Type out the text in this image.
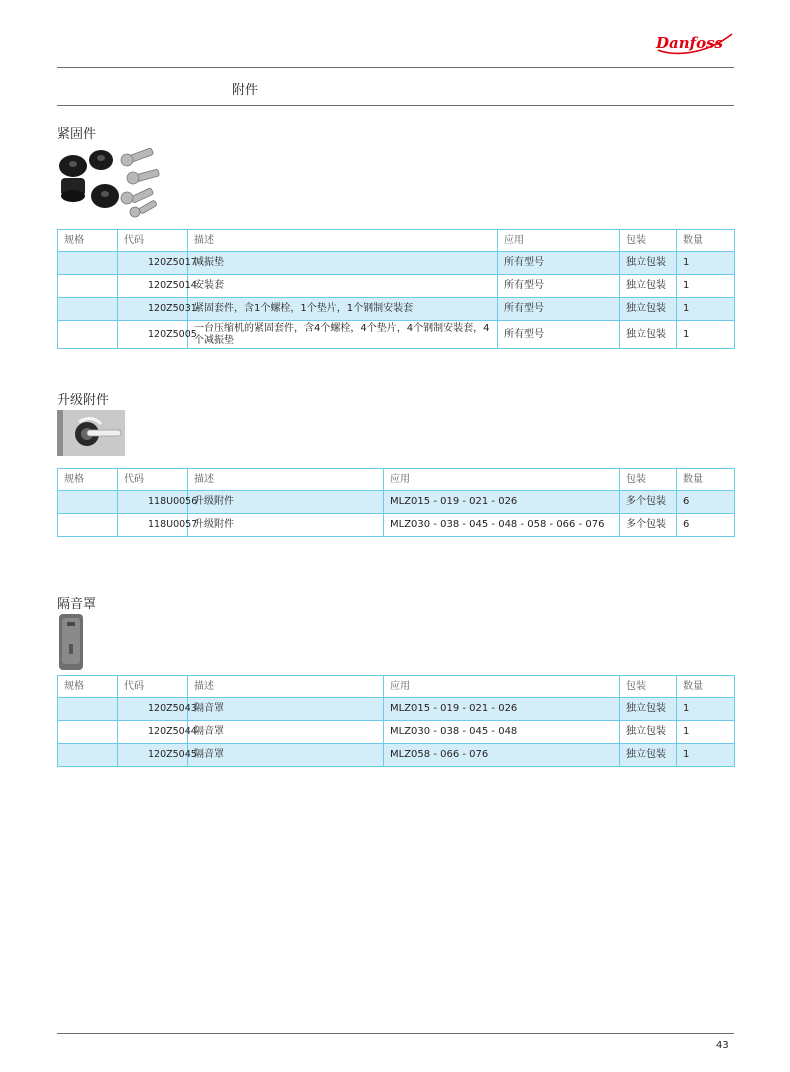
Danfoss
附件
紧固件
规格	代码	描述	应用	包装	数量
	120Z5017	减振垫	所有型号	独立包装	1
	120Z5014	安装套	所有型号	独立包装	1
	120Z5031	紧固套件，含1个螺栓，1个垫片，1个钢制安装套	所有型号	独立包装	1
	120Z5005	一台压缩机的紧固套件，含4个螺栓，4个垫片，4个钢制安装套，4个减振垫	所有型号	独立包装	1
升级附件
规格	代码	描述	应用	包装	数量
	118U0056	升级附件	MLZ015 - 019 - 021 - 026	多个包装	6
	118U0057	升级附件	MLZ030 - 038 - 045 - 048 - 058 - 066 - 076	多个包装	6
隔音罩
规格	代码	描述	应用	包装	数量
	120Z5043	隔音罩	MLZ015 - 019 - 021 - 026	独立包装	1
	120Z5044	隔音罩	MLZ030 - 038 - 045 - 048	独立包装	1
	120Z5045	隔音罩	MLZ058 - 066 - 076	独立包装	1
43
